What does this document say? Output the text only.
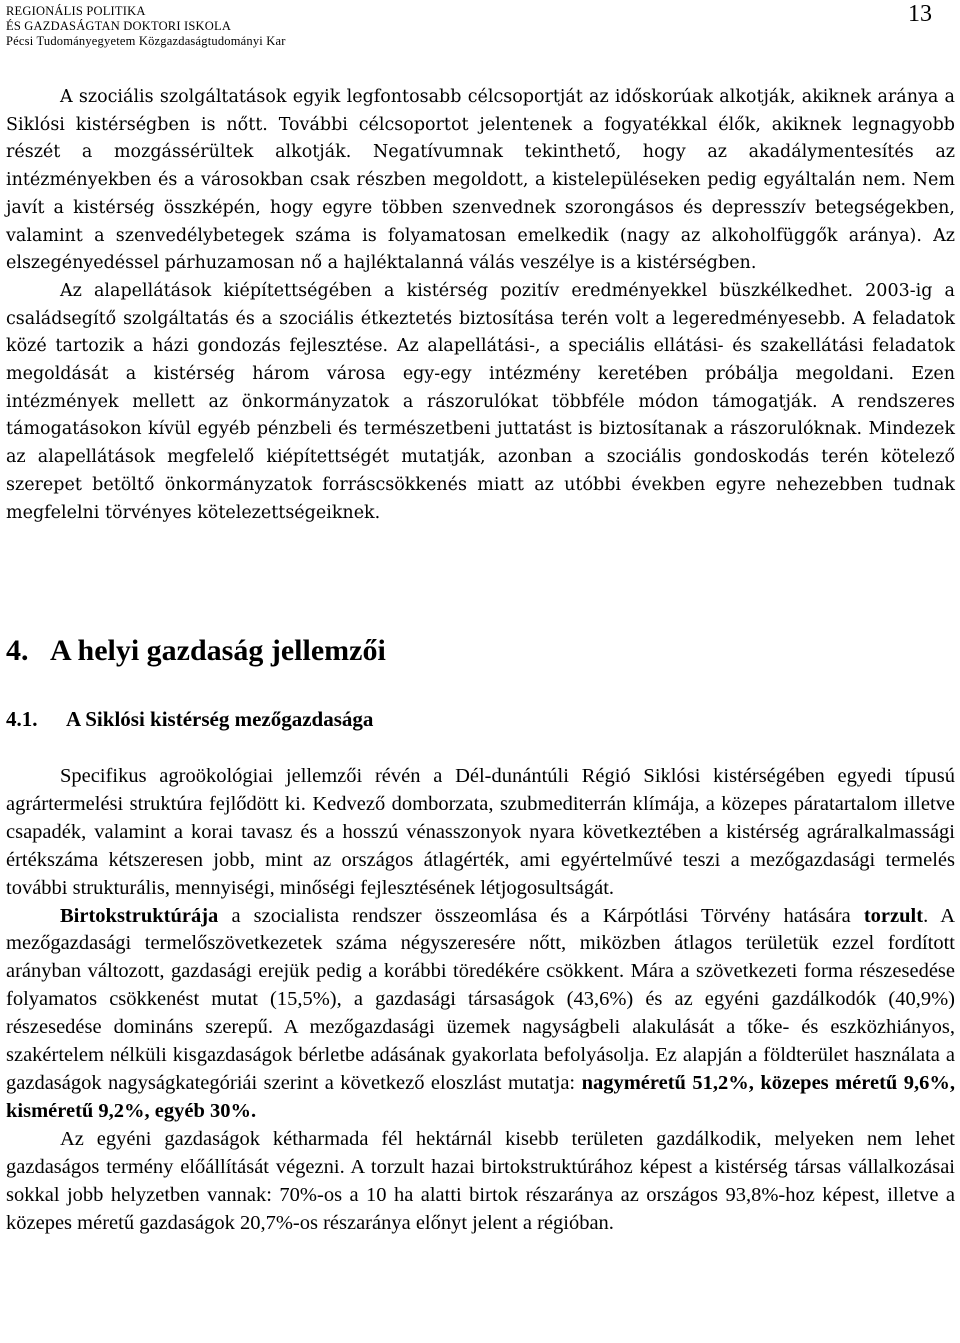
REGIONÁLIS POLITIKA
ÉS GAZDASÁGTAN DOKTORI ISKOLA
Pécsi Tudományegyetem Közgazdaságtudományi Kar
13

A szociális szolgáltatások egyik legfontosabb célcsoportját az időskorúak alkotják, akiknek aránya a Siklósi kistérségben is nőtt. További célcsoportot jelentenek a fogyatékkal élők, akiknek legnagyobb részét a mozgássérültek alkotják. Negatívumnak tekinthető, hogy az akadálymentesítés az intézményekben és a városokban csak részben megoldott, a kistelepüléseken pedig egyáltalán nem. Nem javít a kistérség összképén, hogy egyre többen szenvednek szorongásos és depresszív betegségekben, valamint a szenvedélybetegek száma is folyamatosan emelkedik (nagy az alkoholfüggők aránya). Az elszegényedéssel párhuzamosan nő a hajléktalanná válás veszélye is a kistérségben.

Az alapellátások kiépítettségében a kistérség pozitív eredményekkel büszkélkedhet. 2003-ig a családsegítő szolgáltatás és a szociális étkeztetés biztosítása terén volt a legeredményesebb. A feladatok közé tartozik a házi gondozás fejlesztése. Az alapellátási-, a speciális ellátási- és szakellátási feladatok megoldását a kistérség három városa egy-egy intézmény keretében próbálja megoldani. Ezen intézmények mellett az önkormányzatok a rászorulókat többféle módon támogatják. A rendszeres támogatásokon kívül egyéb pénzbeli és természetbeni juttatást is biztosítanak a rászorulóknak. Mindezek az alapellátások megfelelő kiépítettségét mutatják, azonban a szociális gondoskodás terén kötelező szerepet betöltő önkormányzatok forráscsökkenés miatt az utóbbi években egyre nehezebben tudnak megfelelni törvényes kötelezettségeiknek.

4. A helyi gazdaság jellemzői
4.1. A Siklósi kistérség mezőgazdasága

Specifikus agroökológiai jellemzői révén a Dél-dunántúli Régió Siklósi kistérségében egyedi típusú agrártermelési struktúra fejlődött ki. Kedvező domborzata, szubmediterrán klímája, a közepes páratartalom illetve csapadék, valamint a korai tavasz és a hosszú vénasszonyok nyara következtében a kistérség agráralkalmassági értékszáma kétszeresen jobb, mint az országos átlagérték, ami egyértelművé teszi a mezőgazdasági termelés további strukturális, mennyiségi, minőségi fejlesztésének létjogosultságát.

Birtokstruktúrája a szocialista rendszer összeomlása és a Kárpótlási Törvény hatására torzult. A mezőgazdasági termelőszövetkezetek száma négyszeresére nőtt, miközben átlagos területük ezzel fordított arányban változott, gazdasági erejük pedig a korábbi töredékére csökkent. Mára a szövetkezeti forma részesedése folyamatos csökkenést mutat (15,5%), a gazdasági társaságok (43,6%) és az egyéni gazdálkodók (40,9%) részesedése domináns szerepű. A mezőgazdasági üzemek nagyságbeli alakulását a tőke- és eszközhiányos, szakértelem nélküli kisgazdaságok bérletbe adásának gyakorlata befolyásolja. Ez alapján a földterület használata a gazdaságok nagyságkategóriái szerint a következő eloszlást mutatja: nagyméretű 51,2%, közepes méretű 9,6%, kisméretű 9,2%, egyéb 30%.

Az egyéni gazdaságok kétharmada fél hektárnál kisebb területen gazdálkodik, melyeken nem lehet gazdaságos termény előállítását végezni. A torzult hazai birtokstruktúrához képest a kistérség társas vállalkozásai sokkal jobb helyzetben vannak: 70%-os a 10 ha alatti birtok részaránya az országos 93,8%-hoz képest, illetve a közepes méretű gazdaságok 20,7%-os részaránya előnyt jelent a régióban.
